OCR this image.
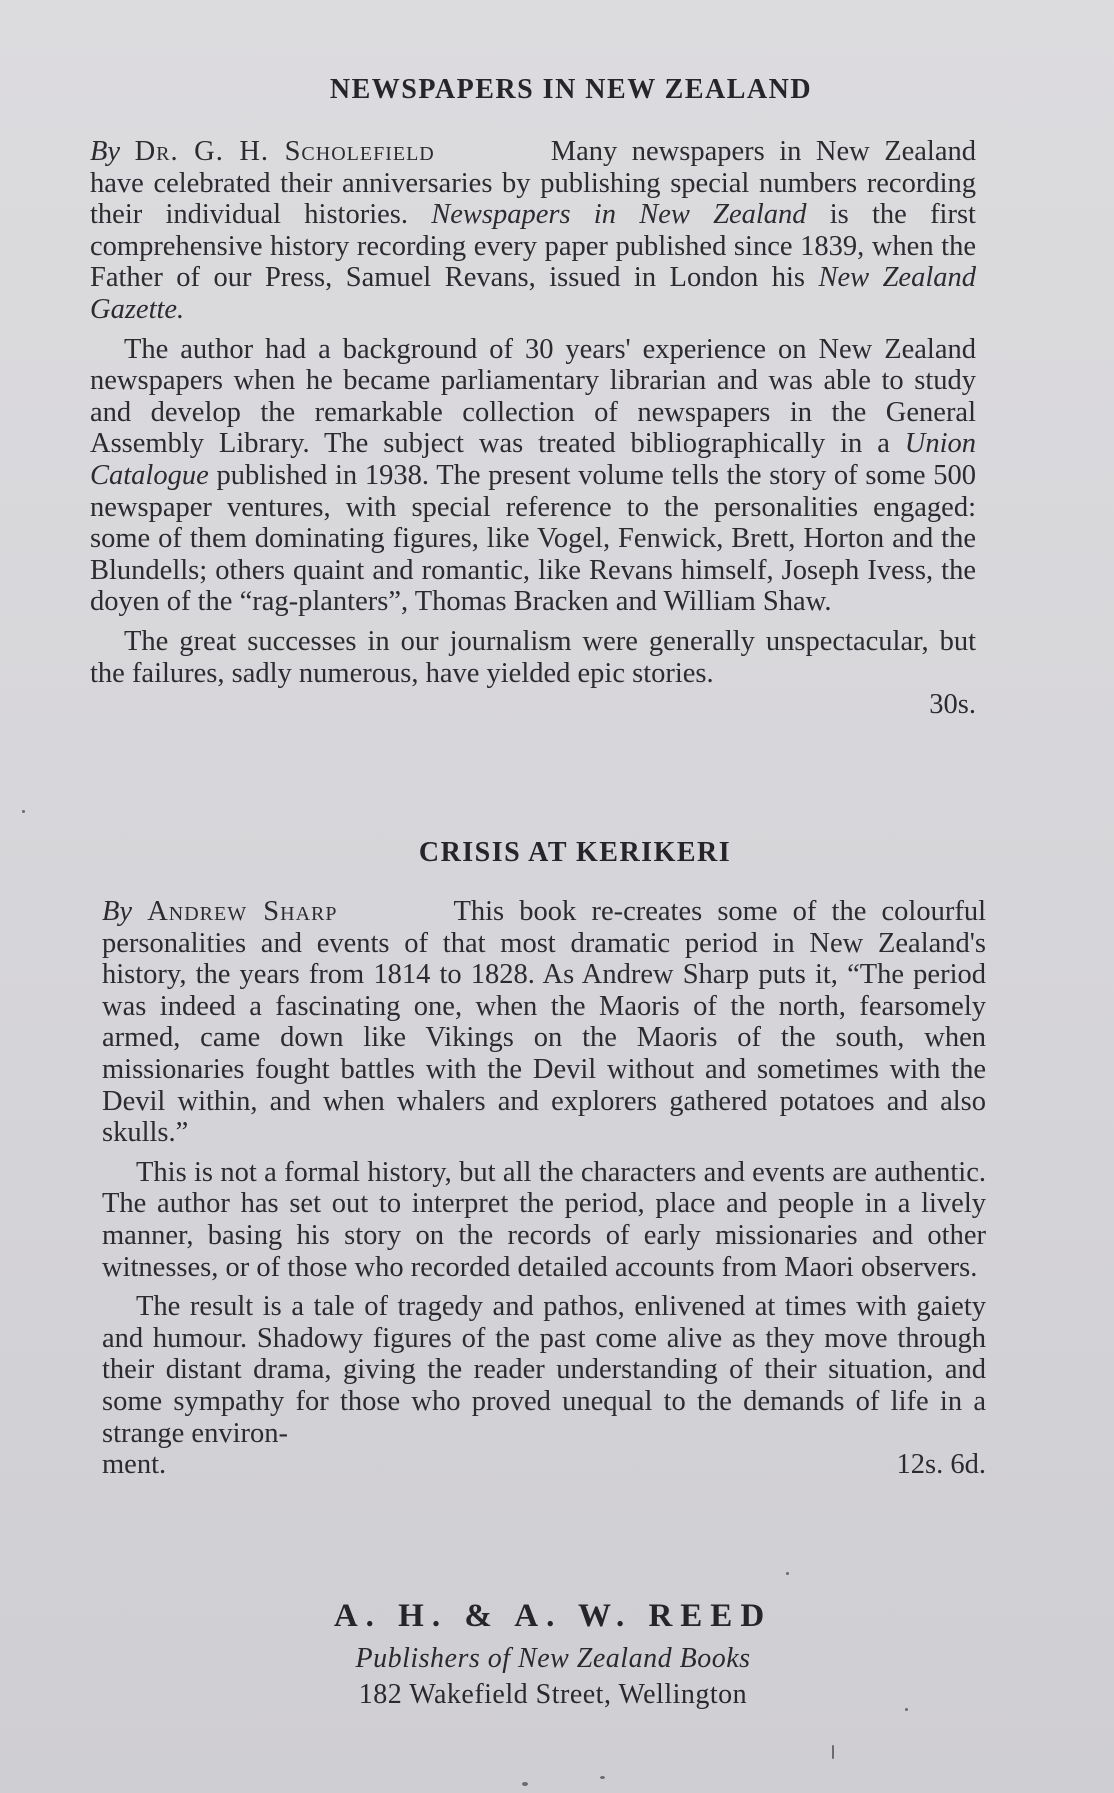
NEWSPAPERS IN NEW ZEALAND

By Dr. G. H. Scholefield	Many newspapers in New Zealand have celebrated their anniversaries by publishing special numbers recording their individual histories. Newspapers in New Zealand is the first comprehensive history recording every paper published since 1839, when the Father of our Press, Samuel Revans, issued in London his New Zealand Gazette.

The author had a background of 30 years' experience on New Zealand newspapers when he became parliamentary librarian and was able to study and develop the remarkable collection of newspapers in the General Assembly Library. The subject was treated bibliographically in a Union Catalogue published in 1938. The present volume tells the story of some 500 newspaper ventures, with special reference to the personalities engaged: some of them dominating figures, like Vogel, Fenwick, Brett, Horton and the Blundells; others quaint and romantic, like Revans himself, Joseph Ivess, the doyen of the “rag-planters”, Thomas Bracken and William Shaw.

The great successes in our journalism were generally unspectacular, but the failures, sadly numerous, have yielded epic stories.

30s.
CRISIS AT KERIKERI

By Andrew Sharp	This book re-creates some of the colourful personalities and events of that most dramatic period in New Zealand's history, the years from 1814 to 1828. As Andrew Sharp puts it, “The period was indeed a fascinating one, when the Maoris of the north, fearsomely armed, came down like Vikings on the Maoris of the south, when missionaries fought battles with the Devil without and sometimes with the Devil within, and when whalers and explorers gathered potatoes and also skulls.”

This is not a formal history, but all the characters and events are authentic. The author has set out to interpret the period, place and people in a lively manner, basing his story on the records of early missionaries and other witnesses, or of those who recorded detailed accounts from Maori observers.

The result is a tale of tragedy and pathos, enlivened at times with gaiety and humour. Shadowy figures of the past come alive as they move through their distant drama, giving the reader understanding of their situation, and some sympathy for those who proved unequal to the demands of life in a strange environ-

ment.	12s. 6d.
A. H. & A. W. REED
Publishers of New Zealand Books
182 Wakefield Street, Wellington
